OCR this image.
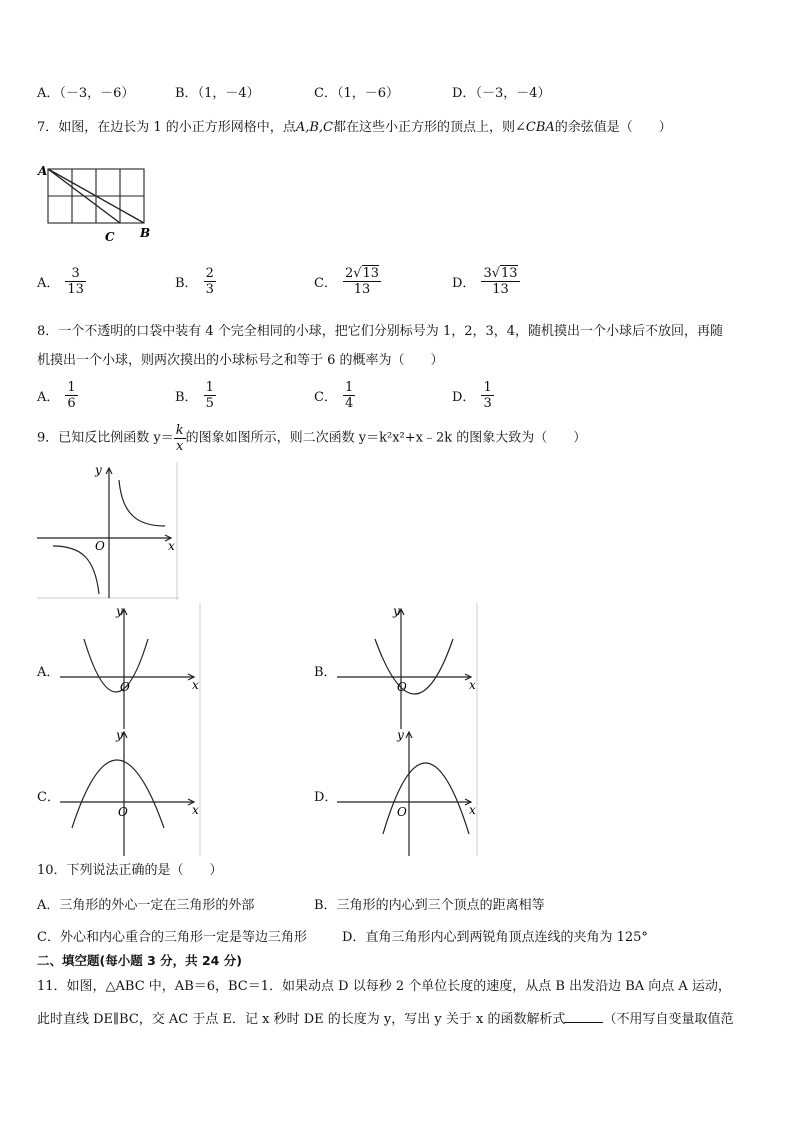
A．（－3，－6）	B．（1，－4）	C．（1，－6）	D．（－3，－4）
7．如图，在边长为 1 的小正方形网格中，点A,B,C都在这些小正方形的顶点上，则∠CBA的余弦值是（　　）
A
C B
A． $\frac{3}{13}$	B． $\frac{2}{3}$	C． $\frac{2√13}{13}$	D． $\frac{3√13}{13}$
8．一个不透明的口袋中装有 4 个完全相同的小球，把它们分别标号为 1，2，3，4，随机摸出一个小球后不放回，再随
机摸出一个小球，则两次摸出的小球标号之和等于 6 的概率为（　　）
A． $\frac{1}{6}$	B． $\frac{1}{5}$	C． $\frac{1}{4}$	D． $\frac{1}{3}$
9．已知反比例函数 $y= \frac{k}{x}$ 的图象如图所示，则二次函数 y＝k²x²+x﹣2k 的图象大致为（　　）
y
x
O
A．
y
x
O
B．
y
x
O
C．
y
x
O
D．
y
x
O
10．下列说法正确的是（　　）
A．三角形的外心一定在三角形的外部	B．三角形的内心到三个顶点的距离相等
C．外心和内心重合的三角形一定是等边三角形	D．直角三角形内心到两锐角顶点连线的夹角为 125°
二、填空题(每小题 3 分，共 24 分)
11．如图，△ABC 中，AB＝6，BC＝1．如果动点 D 以每秒 2 个单位长度的速度，从点 B 出发沿边 BA 向点 A 运动，
此时直线 DE∥BC，交 AC 于点 E．记 x 秒时 DE 的长度为 y，写出 y 关于 x 的函数解析式	（不用写自变量取值范
